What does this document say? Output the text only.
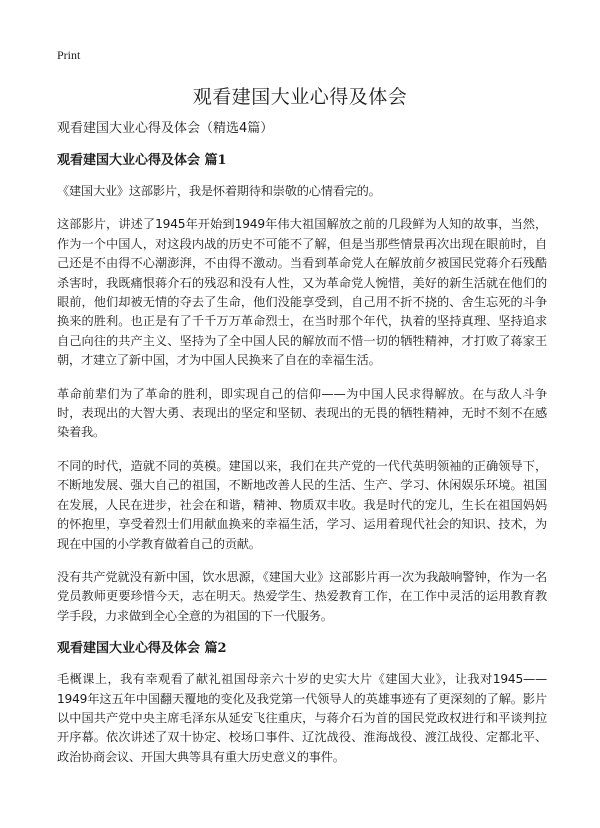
Print
观看建国大业心得及体会

观看建国大业心得及体会（精选4篇）

观看建国大业心得及体会 篇1

《建国大业》这部影片，我是怀着期待和崇敬的心情看完的。

这部影片，讲述了1945年开始到1949年伟大祖国解放之前的几段鲜为人知的故事，当然，作为一个中国人，对这段内战的历史不可能不了解，但是当那些情景再次出现在眼前时，自己还是不由得不心潮澎湃，不由得不激动。当看到革命党人在解放前夕被国民党蒋介石残酷杀害时，我既痛恨蒋介石的残忍和没有人性，又为革命党人惋惜，美好的新生活就在他们的眼前，他们却被无情的夺去了生命，他们没能享受到，自己用不折不挠的、舍生忘死的斗争换来的胜利。也正是有了千千万万革命烈士，在当时那个年代，执着的坚持真理、坚持追求自己向往的共产主义、坚持为了全中国人民的解放而不惜一切的牺牲精神，才打败了蒋家王朝，才建立了新中国，才为中国人民换来了自在的幸福生活。

革命前辈们为了革命的胜利，即实现自己的信仰——为中国人民求得解放。在与敌人斗争时，表现出的大智大勇、表现出的坚定和坚韧、表现出的无畏的牺牲精神，无时不刻不在感染着我。

不同的时代，造就不同的英模。建国以来，我们在共产党的一代代英明领袖的正确领导下，不断地发展、强大自己的祖国，不断地改善人民的生活、生产、学习、休闲娱乐环境。祖国在发展，人民在进步，社会在和谐，精神、物质双丰收。我是时代的宠儿，生长在祖国妈妈的怀抱里，享受着烈士们用献血换来的幸福生活，学习、运用着现代社会的知识、技术，为现在中国的小学教育做着自己的贡献。

没有共产党就没有新中国，饮水思源，《建国大业》这部影片再一次为我敲响警钟，作为一名党员教师更要珍惜今天，志在明天。热爱学生、热爱教育工作，在工作中灵活的运用教育教学手段，力求做到全心全意的为祖国的下一代服务。

观看建国大业心得及体会 篇2

毛概课上，我有幸观看了献礼祖国母亲六十岁的史实大片《建国大业》，让我对1945——1949年这五年中国翻天覆地的变化及我党第一代领导人的英雄事迹有了更深刻的了解。影片以中国共产党中央主席毛泽东从延安飞往重庆，与蒋介石为首的国民党政权进行和平谈判拉开序幕。依次讲述了双十协定、校场口事件、辽沈战役、淮海战役、渡江战役、定都北平、政治协商会议、开国大典等具有重大历史意义的事件。
